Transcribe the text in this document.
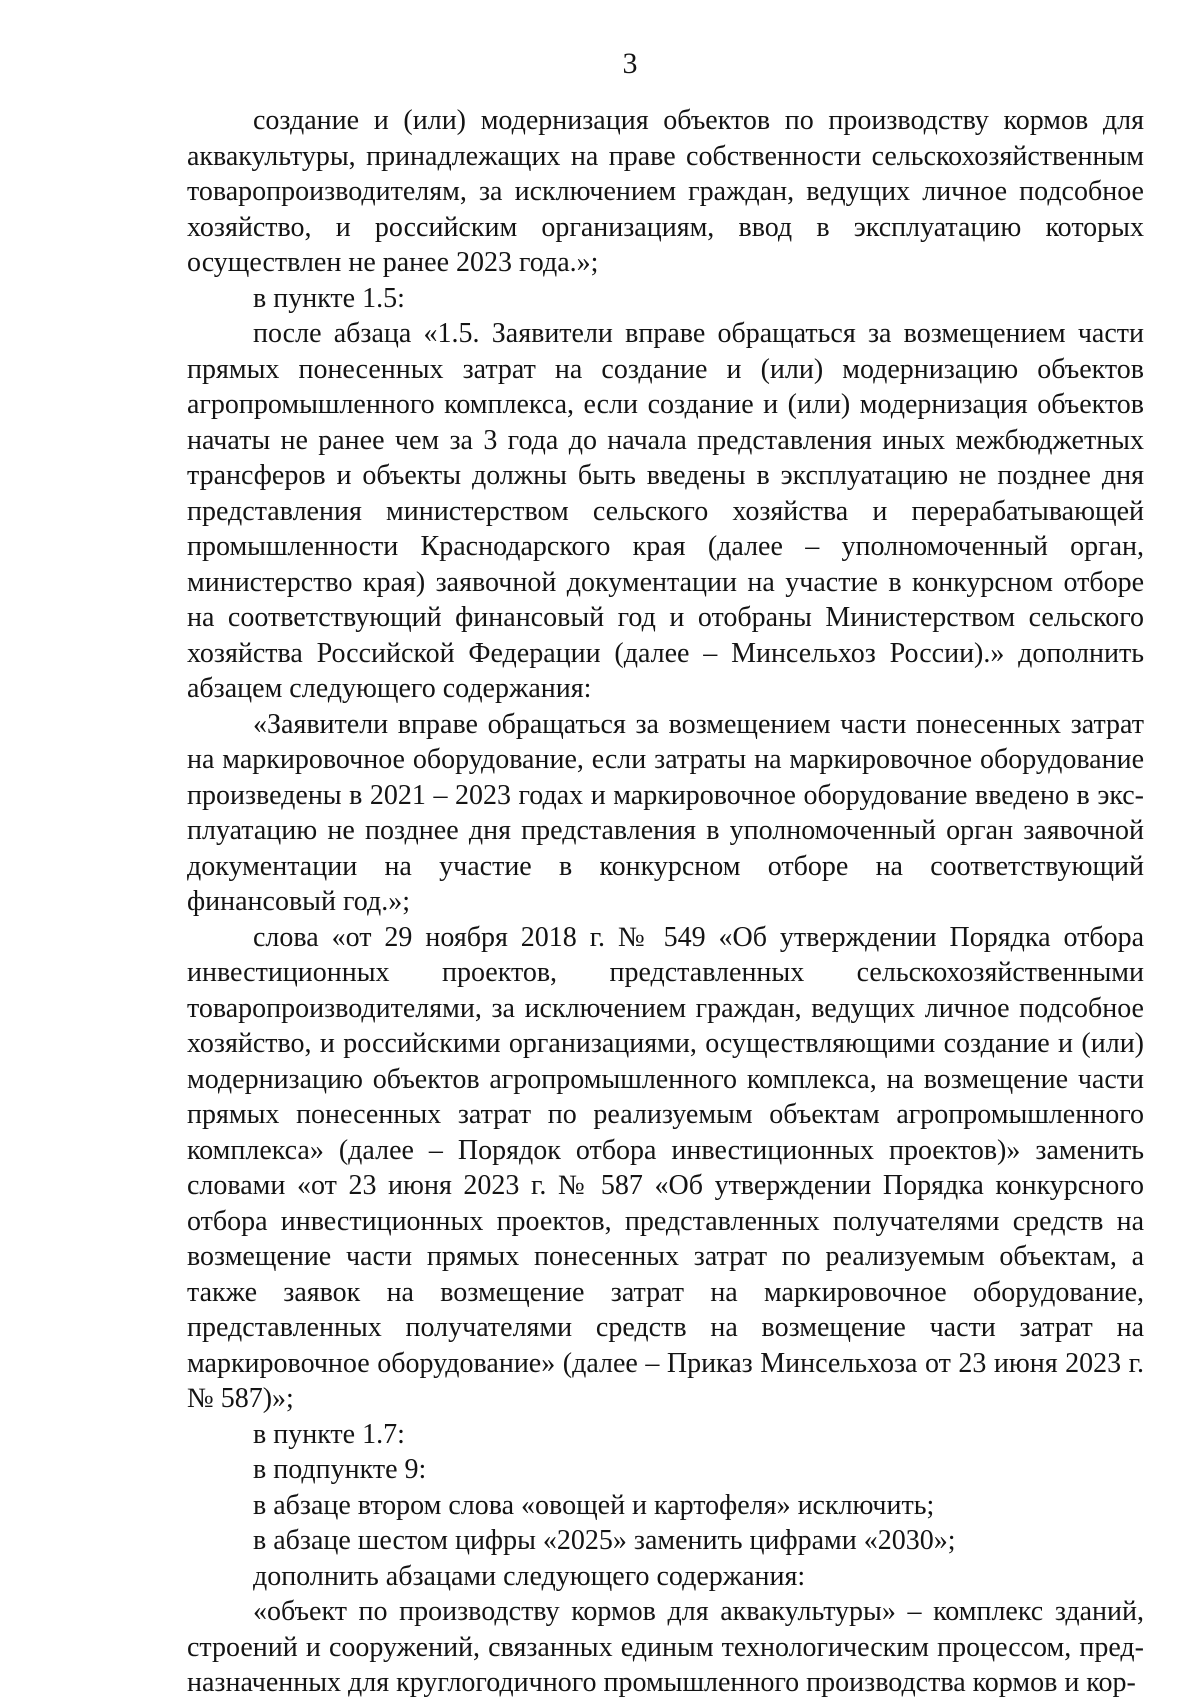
3

создание и (или) модернизация объектов по производству кормов для аквакультуры, принадлежащих на праве собственности сельскохозяйственным товаропроизводителям, за исключением граждан, ведущих личное подсобное хозяйство, и российским организациям, ввод в эксплуатацию которых осуществлен не ранее 2023 года.»;

в пункте 1.5:

после абзаца «1.5. Заявители вправе обращаться за возмещением части прямых понесенных затрат на создание и (или) модернизацию объектов агропромышленного комплекса, если создание и (или) модернизация объектов начаты не ранее чем за 3 года до начала представления иных межбюджетных трансферов и объекты должны быть введены в эксплуатацию не позднее дня представления министерством сельского хозяйства и перерабатывающей промышленности Краснодарского края (далее – уполномоченный орган, министерство края) заявочной документации на участие в конкурсном отборе на соответствующий финансовый год и отобраны Министерством сельского хозяйства Российской Федерации (далее – Минсельхоз России).» дополнить абзацем следующего содержания:

«Заявители вправе обращаться за возмещением части понесенных затрат на маркировочное оборудование, если затраты на маркировочное оборудование произведены в 2021 – 2023 годах и маркировочное оборудование введено в эксплуатацию не позднее дня представления в уполномоченный орган заявочной документации на участие в конкурсном отборе на соответствующий финансовый год.»;

слова «от 29 ноября 2018 г. № 549 «Об утверждении Порядка отбора инвестиционных проектов, представленных сельскохозяйственными товаропроизводителями, за исключением граждан, ведущих личное подсобное хозяйство, и российскими организациями, осуществляющими создание и (или) модернизацию объектов агропромышленного комплекса, на возмещение части прямых понесенных затрат по реализуемым объектам агропромышленного комплекса» (далее – Порядок отбора инвестиционных проектов)» заменить словами «от 23 июня 2023 г. № 587 «Об утверждении Порядка конкурсного отбора инвестиционных проектов, представленных получателями средств на возмещение части прямых понесенных затрат по реализуемым объектам, а также заявок на возмещение затрат на маркировочное оборудование, представленных получателями средств на возмещение части затрат на маркировочное оборудование» (далее – Приказ Минсельхоза от 23 июня 2023 г. № 587)»;

в пункте 1.7:

в подпункте 9:

в абзаце втором слова «овощей и картофеля» исключить;

в абзаце шестом цифры «2025» заменить цифрами «2030»;

дополнить абзацами следующего содержания:

«объект по производству кормов для аквакультуры» – комплекс зданий, строений и сооружений, связанных единым технологическим процессом, предназначенных для круглогодичного промышленного производства кормов и кор-
